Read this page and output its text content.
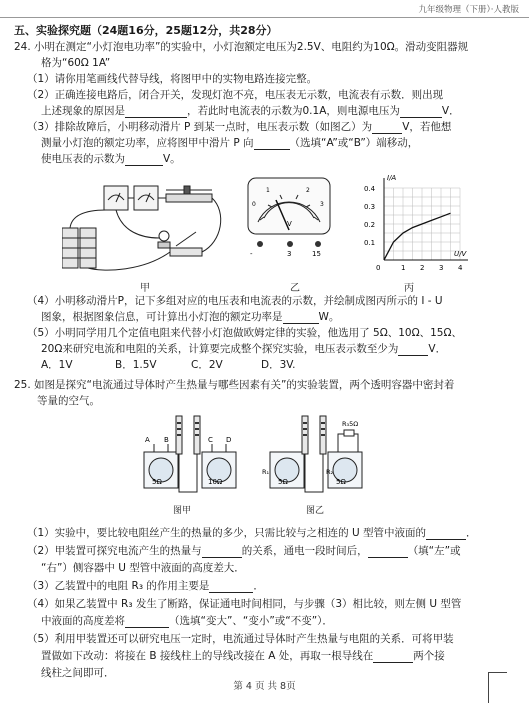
九年级物理（下册）·人教版
五、实验探究题（24题16分，25题12分，共28分）
24. 小明在测定“小灯泡电功率”的实验中，小灯泡额定电压为2.5V、电阻约为10Ω。滑动变阻器规
格为“60Ω 1A”
（1）请你用笔画线代替导线，将图甲中的实物电路连接完整。
（2）正确连接电路后，闭合开关，发现灯泡不亮，电压表无示数，电流表有示数．则出现
上述现象的原因是	，若此时电流表的示数为0.1A，则电源电压为	V．
（3）排除故障后，小明移动滑片 P 到某一点时，电压表示数（如图乙）为	V，若他想
测量小灯泡的额定功率，应将图甲中滑片 P 向	（选填“A”或“B”）端移动，
使电压表的示数为	V。
甲
V
0
1	2
3
-	3	15
乙
0.4
0.3
0.2
0.1
1 2 3 4
0
I/A
U/V
丙
（4）小明移动滑片P，记下多组对应的电压表和电流表的示数，并绘制成图丙所示的 I - U
图象，根据图象信息，可计算出小灯泡的额定功率是	W。
（5）小明同学用几个定值电阻来代替小灯泡做欧姆定律的实验，他选用了 5Ω、10Ω、15Ω、
20Ω来研究电流和电阻的关系，计算要完成整个探究实验，电压表示数至少为	V．
A．1V	B．1.5V	C．2V	D．3V.
25. 如图是探究“电流通过导体时产生热量与哪些因素有关”的实验装置，两个透明容器中密封着
等量的空气。
A B	C D
5Ω	10Ω
图甲
R₃5Ω
R₁
5Ω
R₂
5Ω
图乙
（1）实验中，要比较电阻丝产生的热量的多少，只需比较与之相连的 U 型管中液面的	．
（2）甲装置可探究电流产生的热量与	的关系，通电一段时间后，	（填“左”或
“右”）侧容器中 U 型管中液面的高度差大．
（3）乙装置中的电阻 R₃ 的作用主要是	．
（4）如果乙装置中 R₃ 发生了断路，保证通电时间相同，与步骤（3）相比较，则左侧 U 型管
中液面的高度差将	（选填“变大”、“变小”或“不变”）．
（5）利用甲装置还可以研究电压一定时，电流通过导体时产生热量与电阻的关系．可将甲装
置做如下改动：将接在 B 接线柱上的导线改接在 A 处，再取一根导线在	两个接
线柱之间即可．
第 4 页 共 8页
